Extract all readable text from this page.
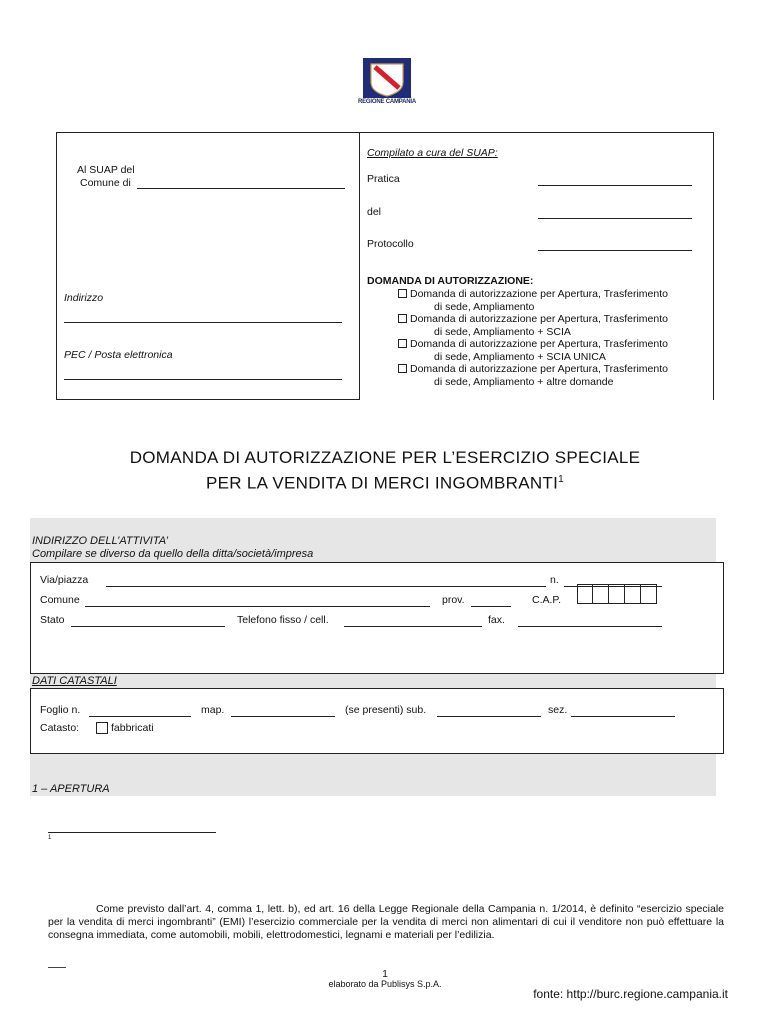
REGIONE CAMPANIA
Al SUAP del
Comune di
Indirizzo
PEC / Posta elettronica
Compilato a cura del SUAP:
Pratica
del
Protocollo
DOMANDA DI AUTORIZZAZIONE:
Domanda di autorizzazione per Apertura, Trasferimento
di sede, Ampliamento
Domanda di autorizzazione per Apertura, Trasferimento
di sede, Ampliamento + SCIA
Domanda di autorizzazione per Apertura, Trasferimento
di sede, Ampliamento + SCIA UNICA
Domanda di autorizzazione per Apertura, Trasferimento
di sede, Ampliamento + altre domande
DOMANDA DI AUTORIZZAZIONE PER L’ESERCIZIO SPECIALE
PER LA VENDITA DI MERCI INGOMBRANTI$^1$
INDIRIZZO DELL’ATTIVITA’
Compilare se diverso da quello della ditta/società/impresa
Via/piazza	n.
Comune	prov.	C.A.P.
Stato	Telefono fisso / cell.	fax.
DATI CATASTALI
Foglio n.	map.	(se presenti) sub.	sez.
Catasto:	fabbricati
1 – APERTURA
1
Come previsto dall’art. 4, comma 1, lett. b), ed art. 16 della Legge Regionale della Campania n. 1/2014, è definito “esercizio speciale per la vendita di merci ingombranti” (EMI) l’esercizio commerciale per la vendita di merci non alimentari di cui il venditore non può effettuare la consegna immediata, come automobili, mobili, elettrodomestici, legnami e materiali per l’edilizia.
1
elaborato da Publisys S.p.A.
fonte: http://burc.regione.campania.it
